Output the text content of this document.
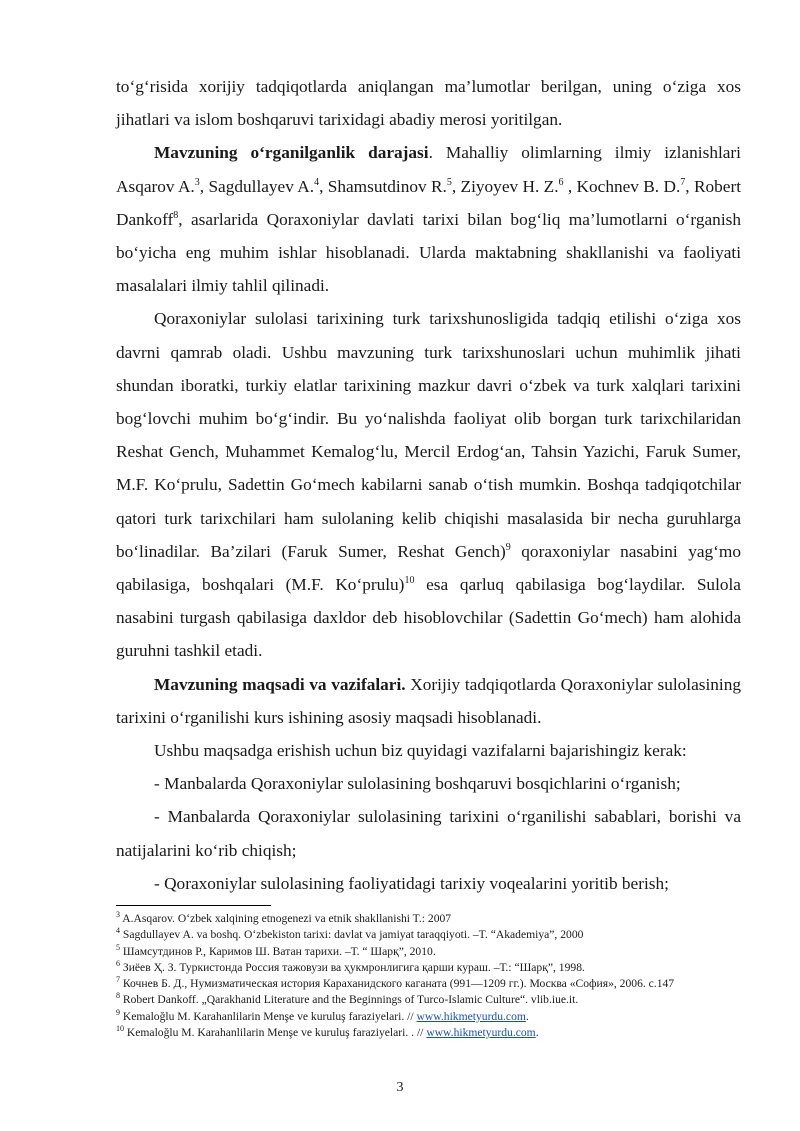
to‘g‘risida xorijiy tadqiqotlarda aniqlangan ma’lumotlar berilgan, uning o‘ziga xos jihatlari va islom boshqaruvi tarixidagi abadiy merosi yoritilgan.

Mavzuning o‘rganilganlik darajasi. Mahalliy olimlarning ilmiy izlanishlari Asqarov A.$^3$, Sagdullayev A.$^4$, Shamsutdinov R.$^5$, Ziyoyev H. Z.$^6$ , Kochnev B. D.$^7$, Robert Dankoff$^8$, asarlarida Qoraxoniylar davlati tarixi bilan bog‘liq ma’lumotlarni o‘rganish bo‘yicha eng muhim ishlar hisoblanadi. Ularda maktabning shakllanishi va faoliyati masalalari ilmiy tahlil qilinadi.

Qoraxoniylar sulolasi tarixining turk tarixshunosligida tadqiq etilishi o‘ziga xos davrni qamrab oladi. Ushbu mavzuning turk tarixshunoslari uchun muhimlik jihati shundan iboratki, turkiy elatlar tarixining mazkur davri o‘zbek va turk xalqlari tarixini bog‘lovchi muhim bo‘g‘indir. Bu yo‘nalishda faoliyat olib borgan turk tarixchilaridan Reshat Gench, Muhammet Kemalog‘lu, Mercil Erdog‘an, Tahsin Yazichi, Faruk Sumer, M.F. Ko‘prulu, Sadettin Go‘mech kabilarni sanab o‘tish mumkin. Boshqa tadqiqotchilar qatori turk tarixchilari ham sulolaning kelib chiqishi masalasida bir necha guruhlarga bo‘linadilar. Ba’zilari (Faruk Sumer, Reshat Gench)$^9$ qoraxoniylar nasabini yag‘mo qabilasiga, boshqalari (M.F. Ko‘prulu)$^{10}$ esa qarluq qabilasiga bog‘laydilar. Sulola nasabini turgash qabilasiga daxldor deb hisoblovchilar (Sadettin Go‘mech) ham alohida guruhni tashkil etadi.

Mavzuning maqsadi va vazifalari. Xorijiy tadqiqotlarda Qoraxoniylar sulolasining tarixini o‘rganilishi kurs ishining asosiy maqsadi hisoblanadi.

Ushbu maqsadga erishish uchun biz quyidagi vazifalarni bajarishingiz kerak:

- Manbalarda Qoraxoniylar sulolasining boshqaruvi bosqichlarini o‘rganish;

- Manbalarda Qoraxoniylar sulolasining tarixini o‘rganilishi sabablari, borishi va natijalarini ko‘rib chiqish;

- Qoraxoniylar sulolasining faoliyatidagi tarixiy voqealarini yoritib berish;

$^3$ A.Asqarov. O‘zbek xalqining etnogenezi va etnik shakllanishi T.: 2007

$^4$ Sagdullayev A. va boshq. O‘zbekiston tarixi: davlat va jamiyat taraqqiyoti. –T. “Akademiya”, 2000

$^5$ Шамсутдинов Р., Каримов Ш. Ватан тарихи. –Т. “ Шарқ”, 2010.

$^6$ Зиёев Ҳ. З. Туркистонда Россия тажовузи ва ҳукмронлигига қарши кураш. –Т.: “Шарқ”, 1998.

$^7$ Кочнев Б. Д., Нумизматическая история Караханидского каганата (991—1209 гг.). Москва «София», 2006. с.147

$^8$ Robert Dankoff. „Qarakhanid Literature and the Beginnings of Turco-Islamic Culture“. vlib.iue.it.

$^9$ Kemaloğlu M. Karahanlilarin Menşe ve kuruluş faraziyelari. // www.hikmetyurdu.com.

$^{10}$ Kemaloğlu M. Karahanlilarin Menşe ve kuruluş faraziyelari. . // www.hikmetyurdu.com.

3
